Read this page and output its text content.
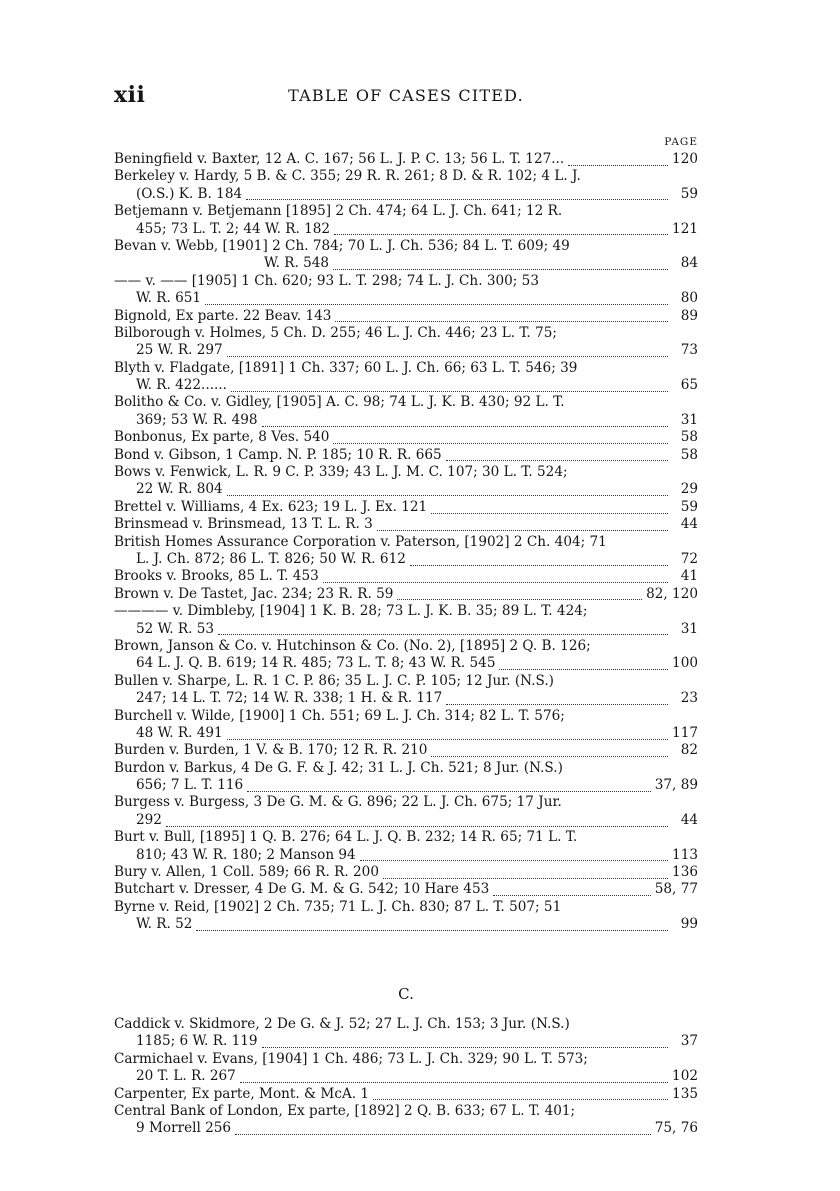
xii	TABLE OF CASES CITED.
PAGE
Beningfield v. Baxter, 12 A. C. 167; 56 L. J. P. C. 13; 56 L. T. 127...	120
Berkeley v. Hardy, 5 B. & C. 355; 29 R. R. 261; 8 D. & R. 102; 4 L. J.
(O.S.) K. B. 184	59
Betjemann v. Betjemann [1895] 2 Ch. 474; 64 L. J. Ch. 641; 12 R.
455; 73 L. T. 2; 44 W. R. 182	121
Bevan v. Webb, [1901] 2 Ch. 784; 70 L. J. Ch. 536; 84 L. T. 609; 49
W. R. 548	84
—— v. —— [1905] 1 Ch. 620; 93 L. T. 298; 74 L. J. Ch. 300; 53
W. R. 651	80
Bignold, Ex parte. 22 Beav. 143	89
Bilborough v. Holmes, 5 Ch. D. 255; 46 L. J. Ch. 446; 23 L. T. 75;
25 W. R. 297	73
Blyth v. Fladgate, [1891] 1 Ch. 337; 60 L. J. Ch. 66; 63 L. T. 546; 39
W. R. 422......	65
Bolitho & Co. v. Gidley, [1905] A. C. 98; 74 L. J. K. B. 430; 92 L. T.
369; 53 W. R. 498	31
Bonbonus, Ex parte, 8 Ves. 540	58
Bond v. Gibson, 1 Camp. N. P. 185; 10 R. R. 665	58
Bows v. Fenwick, L. R. 9 C. P. 339; 43 L. J. M. C. 107; 30 L. T. 524;
22 W. R. 804	29
Brettel v. Williams, 4 Ex. 623; 19 L. J. Ex. 121	59
Brinsmead v. Brinsmead, 13 T. L. R. 3	44
British Homes Assurance Corporation v. Paterson, [1902] 2 Ch. 404; 71
L. J. Ch. 872; 86 L. T. 826; 50 W. R. 612	72
Brooks v. Brooks, 85 L. T. 453	41
Brown v. De Tastet, Jac. 234; 23 R. R. 59	82, 120
———— v. Dimbleby, [1904] 1 K. B. 28; 73 L. J. K. B. 35; 89 L. T. 424;
52 W. R. 53	31
Brown, Janson & Co. v. Hutchinson & Co. (No. 2), [1895] 2 Q. B. 126;
64 L. J. Q. B. 619; 14 R. 485; 73 L. T. 8; 43 W. R. 545	100
Bullen v. Sharpe, L. R. 1 C. P. 86; 35 L. J. C. P. 105; 12 Jur. (N.S.)
247; 14 L. T. 72; 14 W. R. 338; 1 H. & R. 117	23
Burchell v. Wilde, [1900] 1 Ch. 551; 69 L. J. Ch. 314; 82 L. T. 576;
48 W. R. 491	117
Burden v. Burden, 1 V. & B. 170; 12 R. R. 210	82
Burdon v. Barkus, 4 De G. F. & J. 42; 31 L. J. Ch. 521; 8 Jur. (N.S.)
656; 7 L. T. 116	37, 89
Burgess v. Burgess, 3 De G. M. & G. 896; 22 L. J. Ch. 675; 17 Jur.
292	44
Burt v. Bull, [1895] 1 Q. B. 276; 64 L. J. Q. B. 232; 14 R. 65; 71 L. T.
810; 43 W. R. 180; 2 Manson 94	113
Bury v. Allen, 1 Coll. 589; 66 R. R. 200	136
Butchart v. Dresser, 4 De G. M. & G. 542; 10 Hare 453	58, 77
Byrne v. Reid, [1902] 2 Ch. 735; 71 L. J. Ch. 830; 87 L. T. 507; 51
W. R. 52	99
C.
Caddick v. Skidmore, 2 De G. & J. 52; 27 L. J. Ch. 153; 3 Jur. (N.S.)
1185; 6 W. R. 119	37
Carmichael v. Evans, [1904] 1 Ch. 486; 73 L. J. Ch. 329; 90 L. T. 573;
20 T. L. R. 267	102
Carpenter, Ex parte, Mont. & McA. 1	135
Central Bank of London, Ex parte, [1892] 2 Q. B. 633; 67 L. T. 401;
9 Morrell 256	75, 76
